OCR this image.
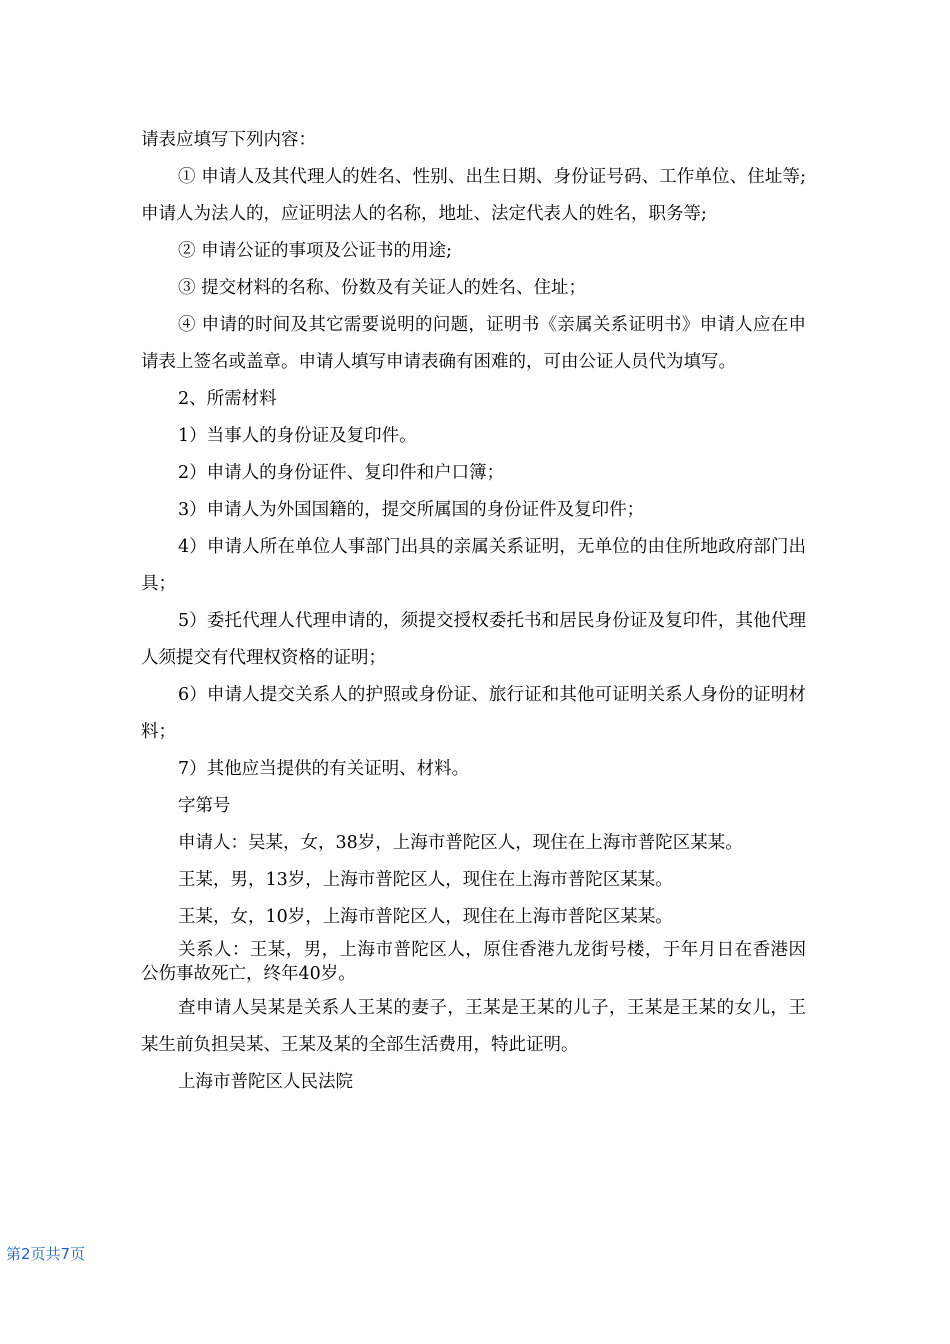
请表应填写下列内容：

① 申请人及其代理人的姓名、性别、出生日期、身份证号码、工作单位、住址等;申请人为法人的，应证明法人的名称，地址、法定代表人的姓名，职务等;

② 申请公证的事项及公证书的用途;

③ 提交材料的名称、份数及有关证人的姓名、住址；

④ 申请的时间及其它需要说明的问题，证明书《亲属关系证明书》申请人应在申请表上签名或盖章。申请人填写申请表确有困难的，可由公证人员代为填写。

2、所需材料

1）当事人的身份证及复印件。

2）申请人的身份证件、复印件和户口簿；

3）申请人为外国国籍的，提交所属国的身份证件及复印件；

4）申请人所在单位人事部门出具的亲属关系证明，无单位的由住所地政府部门出具；

5）委托代理人代理申请的，须提交授权委托书和居民身份证及复印件，其他代理人须提交有代理权资格的证明；

6）申请人提交关系人的护照或身份证、旅行证和其他可证明关系人身份的证明材料；

7）其他应当提供的有关证明、材料。

字第号

申请人：吴某，女，38岁，上海市普陀区人，现住在上海市普陀区某某。

王某，男，13岁，上海市普陀区人，现住在上海市普陀区某某。

王某，女，10岁，上海市普陀区人，现住在上海市普陀区某某。

关系人：王某，男，上海市普陀区人，原住香港九龙街号楼，于年月日在香港因公伤事故死亡，终年40岁。

查申请人吴某是关系人王某的妻子，王某是王某的儿子，王某是王某的女儿，王某生前负担吴某、王某及某的全部生活费用，特此证明。

上海市普陀区人民法院

第2页共7页
